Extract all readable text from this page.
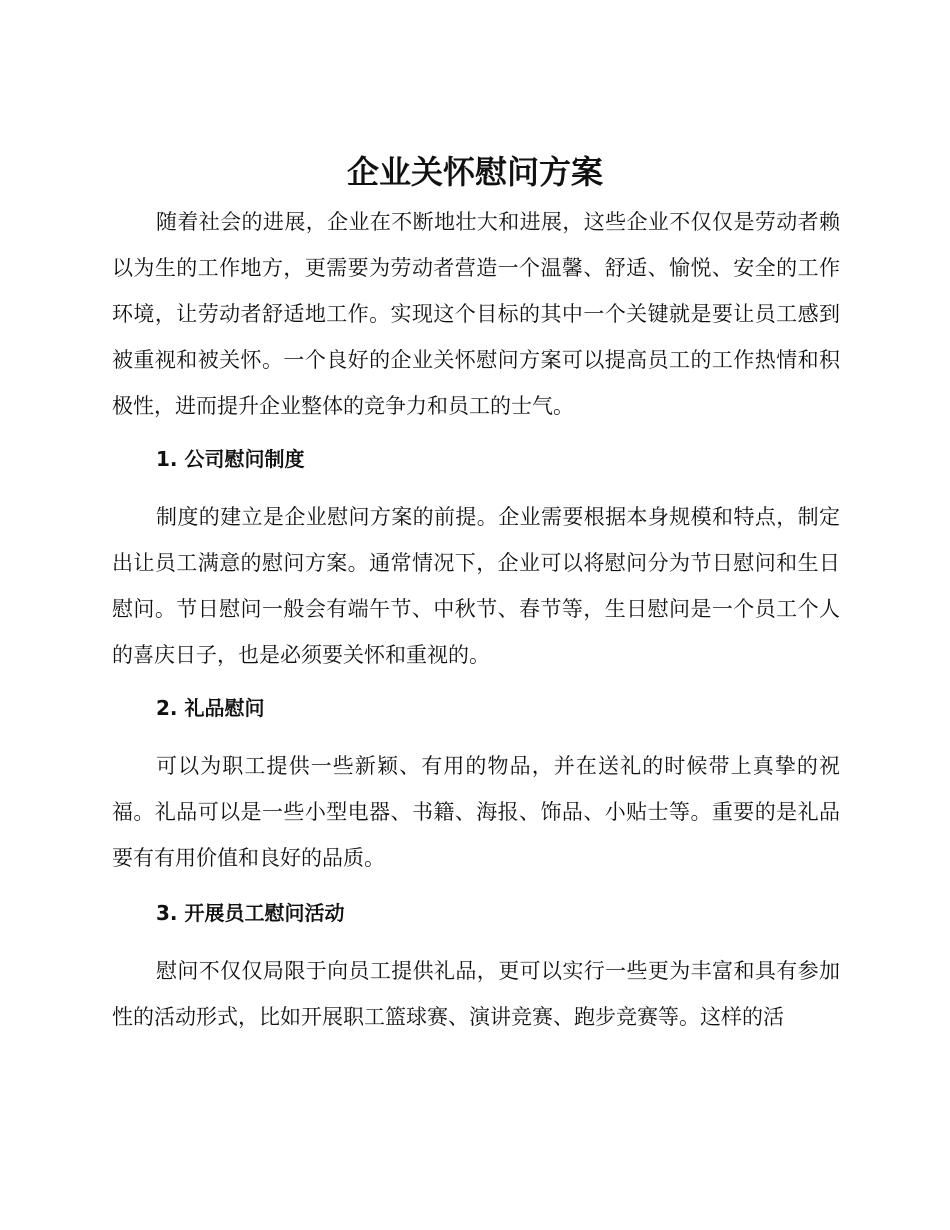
企业关怀慰问方案

随着社会的进展，企业在不断地壮大和进展，这些企业不仅仅是劳动者赖以为生的工作地方，更需要为劳动者营造一个温馨、舒适、愉悦、安全的工作环境，让劳动者舒适地工作。实现这个目标的其中一个关键就是要让员工感到被重视和被关怀。一个良好的企业关怀慰问方案可以提高员工的工作热情和积极性，进而提升企业整体的竞争力和员工的士气。

1. 公司慰问制度

制度的建立是企业慰问方案的前提。企业需要根据本身规模和特点，制定出让员工满意的慰问方案。通常情况下，企业可以将慰问分为节日慰问和生日慰问。节日慰问一般会有端午节、中秋节、春节等，生日慰问是一个员工个人的喜庆日子，也是必须要关怀和重视的。

2. 礼品慰问

可以为职工提供一些新颖、有用的物品，并在送礼的时候带上真挚的祝福。礼品可以是一些小型电器、书籍、海报、饰品、小贴士等。重要的是礼品要有有用价值和良好的品质。

3. 开展员工慰问活动

慰问不仅仅局限于向员工提供礼品，更可以实行一些更为丰富和具有参加性的活动形式，比如开展职工篮球赛、演讲竞赛、跑步竞赛等。这样的活
